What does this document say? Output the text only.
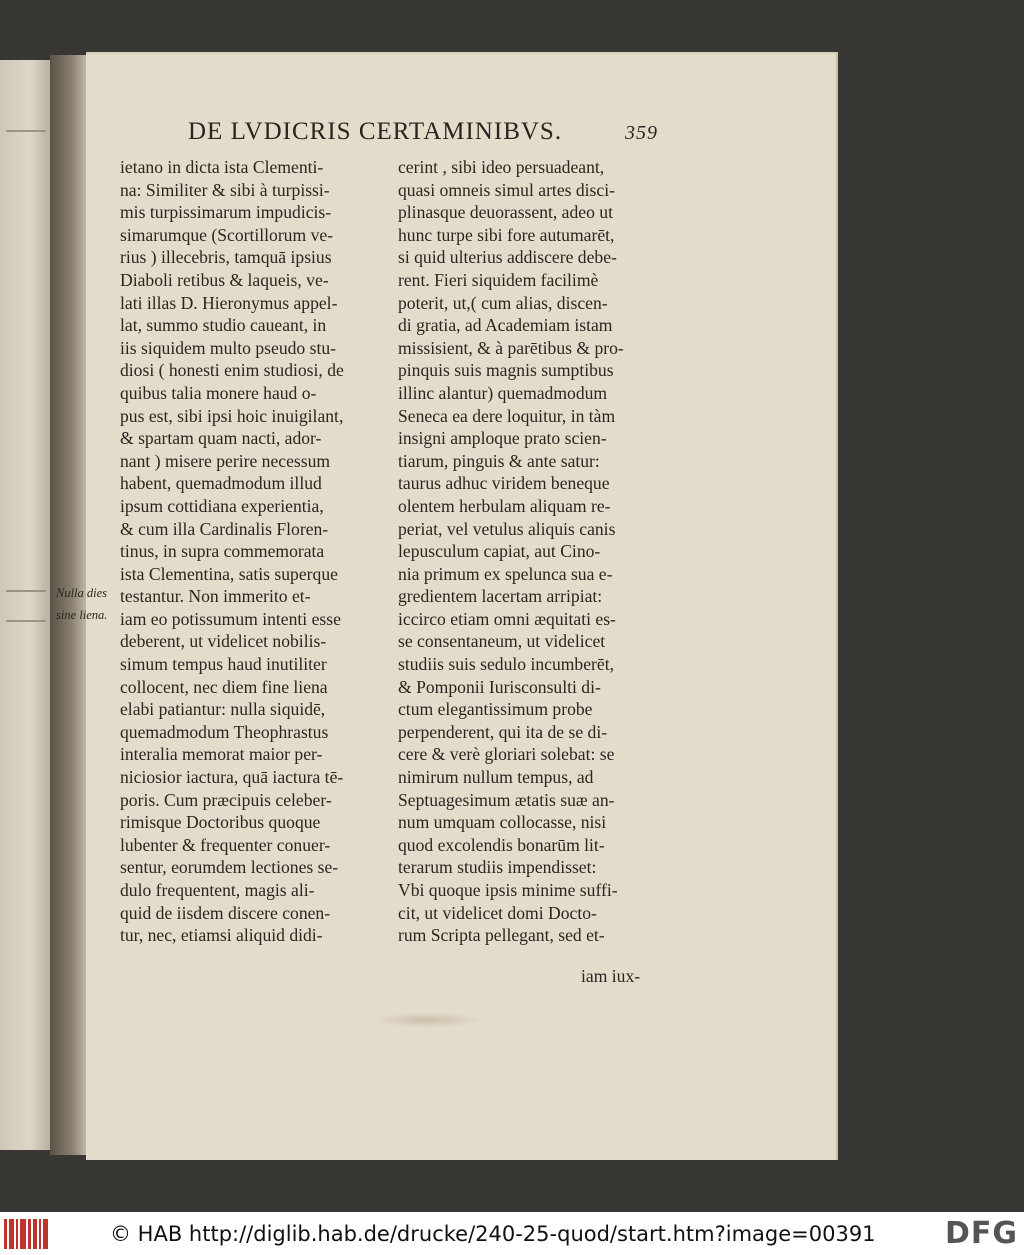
DE LVDICRIS CERTAMINIBVS.	359
Nulla dies
sine liena.
ietano in dicta ista Clementi-
na: Similiter & sibi à turpissi-
mis turpissimarum impudicis-
simarumque (Scortillorum ve-
rius ) illecebris, tamquā ipsius
Diaboli retibus & laqueis, ve-
lati illas D. Hieronymus appel-
lat, summo studio caueant, in
iis siquidem multo pseudo stu-
diosi ( honesti enim studiosi, de
quibus talia monere haud o-
pus est, sibi ipsi hoic inuigilant,
& spartam quam nacti, ador-
nant ) misere perire necessum
habent, quemadmodum illud
ipsum cottidiana experientia,
& cum illa Cardinalis Floren-
tinus, in supra commemorata
ista Clementina, satis superque
testantur. Non immerito et-
iam eo potissumum intenti esse
deberent, ut videlicet nobilis-
simum tempus haud inutiliter
collocent, nec diem fine liena
elabi patiantur: nulla siquidē,
quemadmodum Theophrastus
interalia memorat maior per-
niciosior iactura, quā iactura tē-
poris. Cum præcipuis celeber-
rimisque Doctoribus quoque
lubenter & frequenter conuer-
sentur, eorumdem lectiones se-
dulo frequentent, magis ali-
quid de iisdem discere conen-
tur, nec, etiamsi aliquid didi-
cerint , sibi ideo persuadeant,
quasi omneis simul artes disci-
plinasque deuorassent, adeo ut
hunc turpe sibi fore autumarēt,
si quid ulterius addiscere debe-
rent. Fieri siquidem facilimè
poterit, ut,( cum alias, discen-
di gratia, ad Academiam istam
missisient, & à parētibus & pro-
pinquis suis magnis sumptibus
illinc alantur) quemadmodum
Seneca ea dere loquitur, in tàm
insigni amploque prato scien-
tiarum, pinguis & ante satur:
taurus adhuc viridem beneque
olentem herbulam aliquam re-
periat, vel vetulus aliquis canis
lepusculum capiat, aut Cino-
nia primum ex spelunca sua e-
gredientem lacertam arripiat:
iccirco etiam omni æquitati es-
se consentaneum, ut videlicet
studiis suis sedulo incumberēt,
& Pomponii Iurisconsulti di-
ctum elegantissimum probe
perpenderent, qui ita de se di-
cere & verè gloriari solebat: se
nimirum nullum tempus, ad
Septuagesimum ætatis suæ an-
num umquam collocasse, nisi
quod excolendis bonarūm lit-
terarum studiis impendisset:
Vbi quoque ipsis minime suffi-
cit, ut videlicet domi Docto-
rum Scripta pellegant, sed et-
iam iux-
© HAB http://diglib.hab.de/drucke/240-25-quod/start.htm?image=00391 DFG
